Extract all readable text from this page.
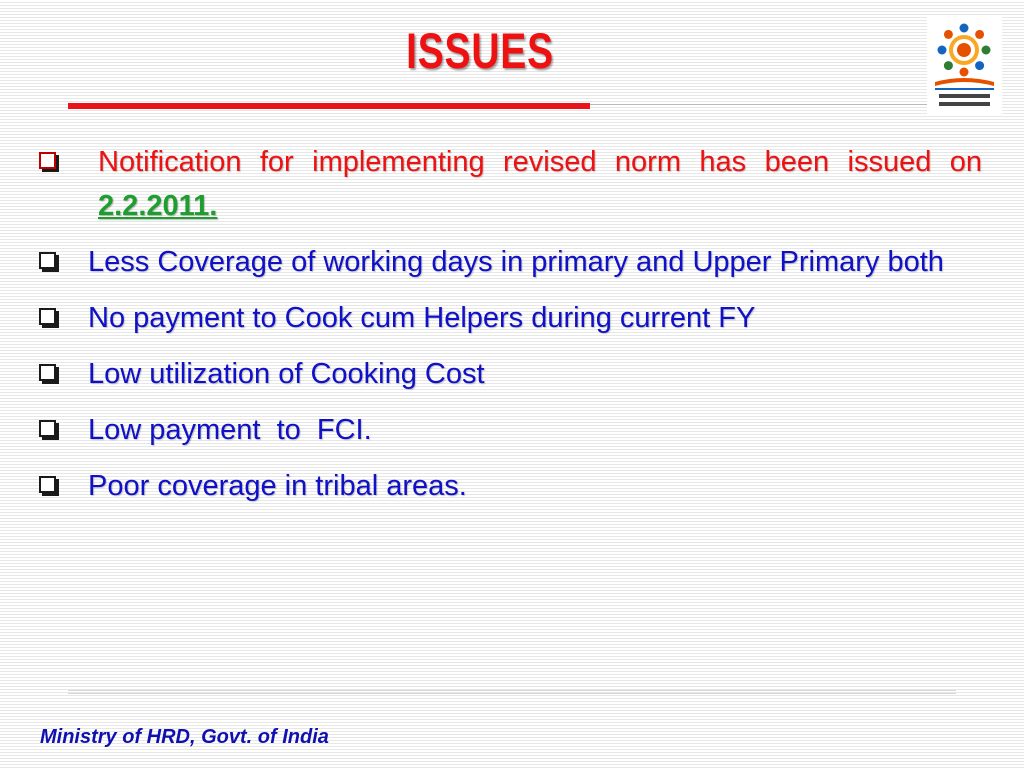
ISSUES
Notification for implementing revised norm has been issued on 2.2.2011.
Less Coverage of working days in primary and Upper Primary both
No payment to Cook cum Helpers during current FY
Low utilization of Cooking Cost
Low payment  to  FCI.
Poor coverage in tribal areas.
Ministry of HRD, Govt. of India
